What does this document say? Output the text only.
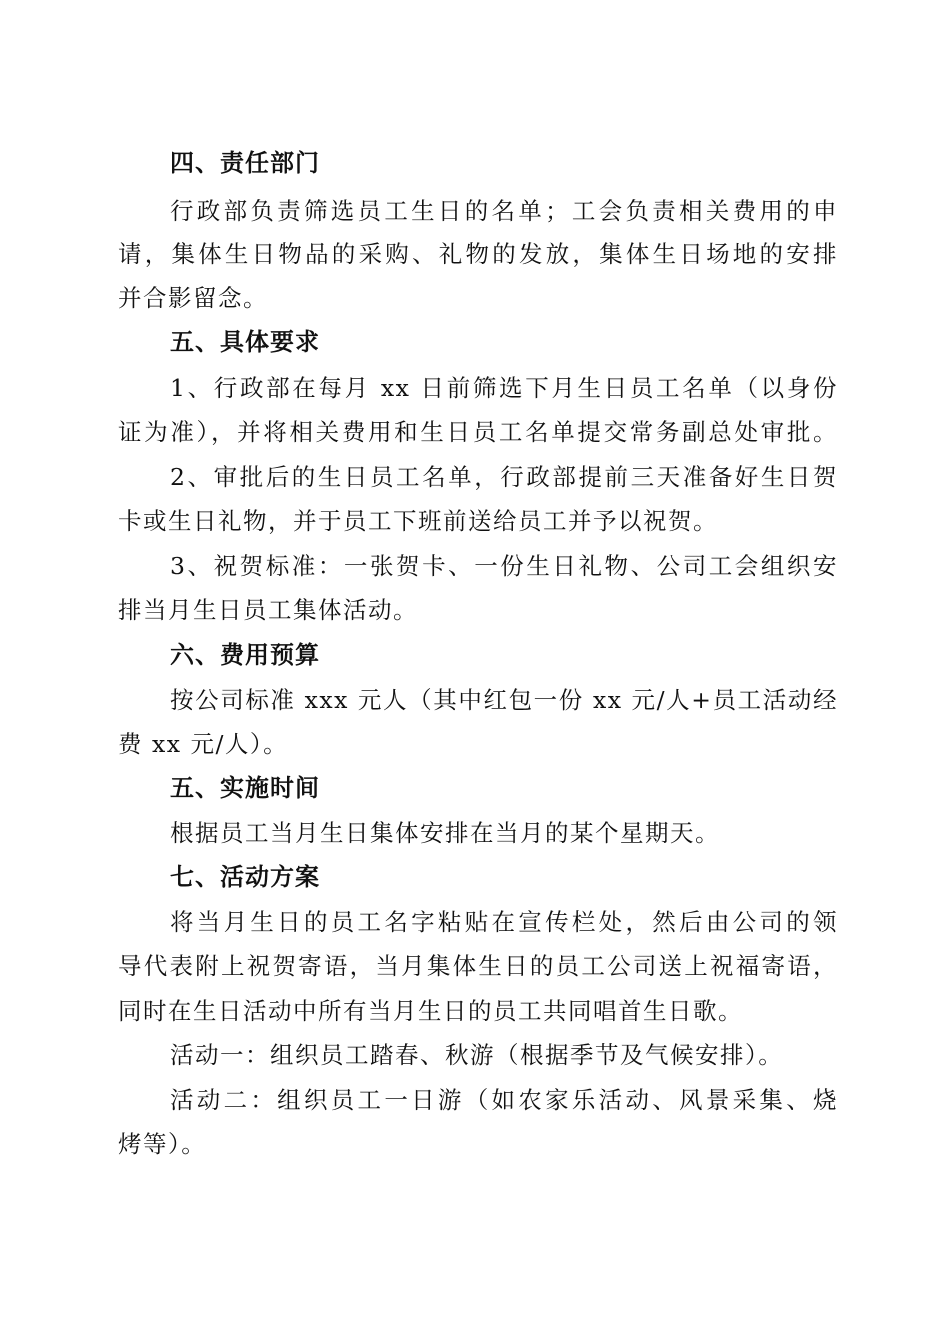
四、责任部门
行政部负责筛选员工生日的名单；工会负责相关费用的申
请，集体生日物品的采购、礼物的发放，集体生日场地的安排
并合影留念。
五、具体要求
1、行政部在每月 xx 日前筛选下月生日员工名单（以身份
证为准），并将相关费用和生日员工名单提交常务副总处审批。
2、审批后的生日员工名单，行政部提前三天准备好生日贺
卡或生日礼物，并于员工下班前送给员工并予以祝贺。
3、祝贺标准：一张贺卡、一份生日礼物、公司工会组织安
排当月生日员工集体活动。
六、费用预算
按公司标准 xxx 元人（其中红包一份 xx 元/人+员工活动经
费 xx 元/人）。
五、实施时间
根据员工当月生日集体安排在当月的某个星期天。
七、活动方案
将当月生日的员工名字粘贴在宣传栏处，然后由公司的领
导代表附上祝贺寄语，当月集体生日的员工公司送上祝福寄语，
同时在生日活动中所有当月生日的员工共同唱首生日歌。
活动一：组织员工踏春、秋游（根据季节及气候安排）。
活动二：组织员工一日游（如农家乐活动、风景采集、烧
烤等）。
